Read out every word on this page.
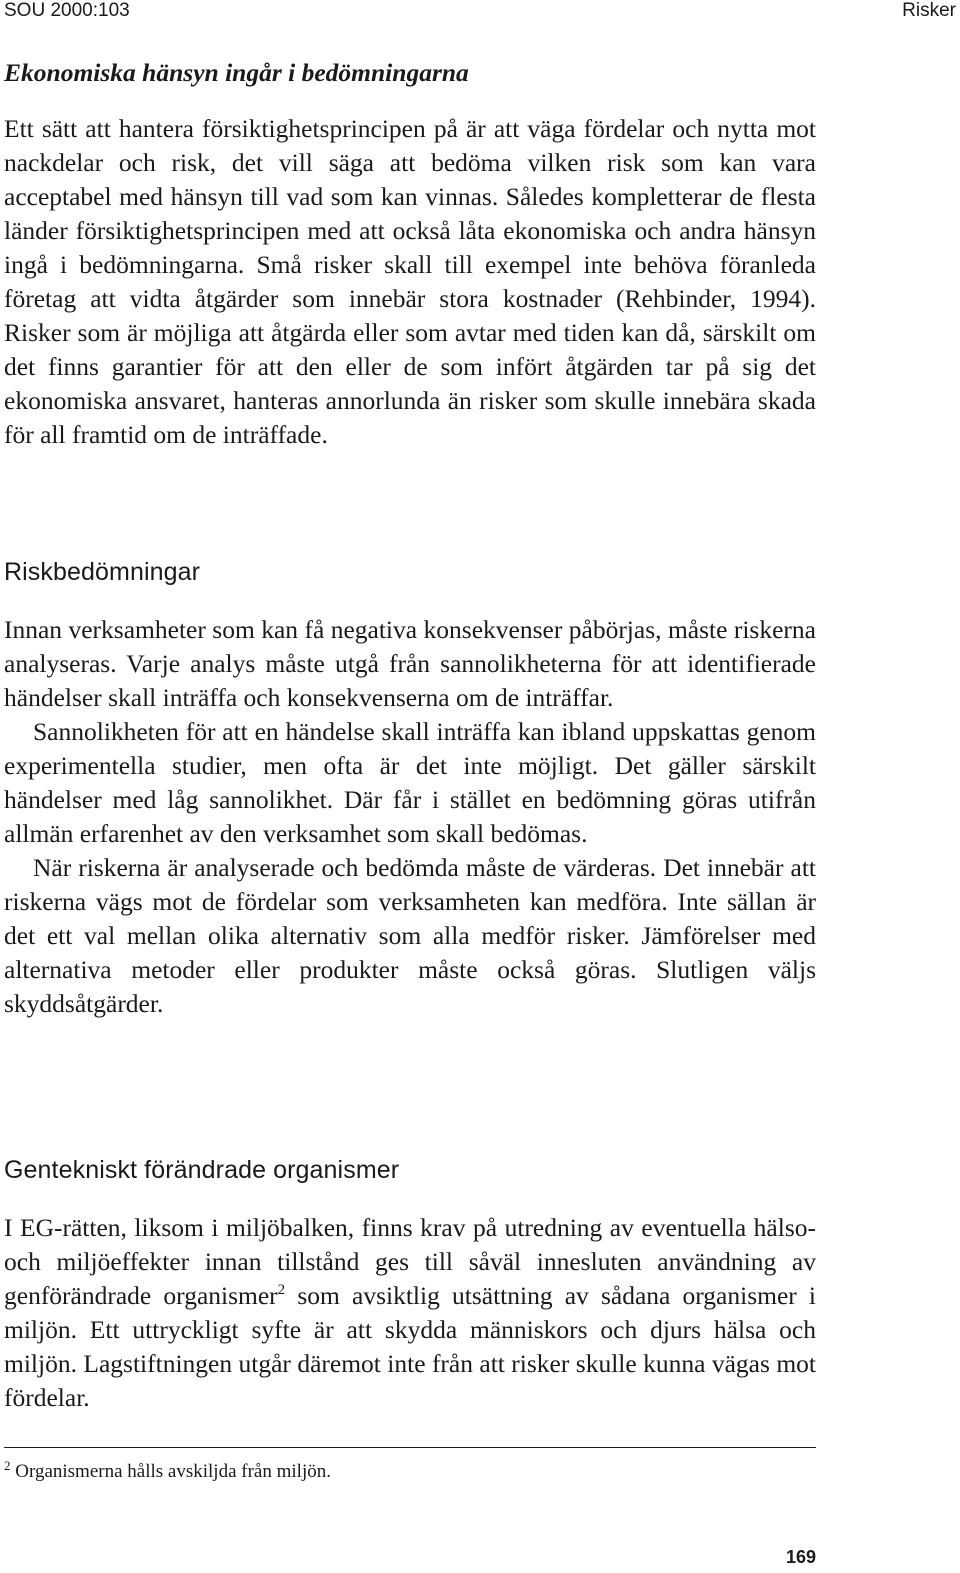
SOU 2000:103	Risker
Ekonomiska hänsyn ingår i bedömningarna

Ett sätt att hantera försiktighetsprincipen på är att väga fördelar och nytta mot nackdelar och risk, det vill säga att bedöma vilken risk som kan vara acceptabel med hänsyn till vad som kan vinnas. Således kompletterar de flesta länder försiktighetsprincipen med att också låta ekonomiska och andra hänsyn ingå i bedömningarna. Små risker skall till exempel inte behöva föranleda företag att vidta åtgärder som innebär stora kostnader (Rehbinder, 1994). Risker som är möjliga att åtgärda eller som avtar med tiden kan då, särskilt om det finns garantier för att den eller de som infört åtgärden tar på sig det ekonomiska ansvaret, hanteras annorlunda än risker som skulle innebära skada för all framtid om de inträffade.

Riskbedömningar

Innan verksamheter som kan få negativa konsekvenser påbörjas, måste riskerna analyseras. Varje analys måste utgå från sannolikheterna för att identifierade händelser skall inträffa och konsekvenserna om de inträffar.

Sannolikheten för att en händelse skall inträffa kan ibland uppskattas genom experimentella studier, men ofta är det inte möjligt. Det gäller särskilt händelser med låg sannolikhet. Där får i stället en bedömning göras utifrån allmän erfarenhet av den verksamhet som skall bedömas.

När riskerna är analyserade och bedömda måste de värderas. Det innebär att riskerna vägs mot de fördelar som verksamheten kan medföra. Inte sällan är det ett val mellan olika alternativ som alla medför risker. Jämförelser med alternativa metoder eller produkter måste också göras. Slutligen väljs skyddsåtgärder.

Gentekniskt förändrade organismer

I EG-rätten, liksom i miljöbalken, finns krav på utredning av eventuella hälso- och miljöeffekter innan tillstånd ges till såväl innesluten användning av genförändrade organismer$^2$ som avsiktlig utsättning av sådana organismer i miljön. Ett uttryckligt syfte är att skydda människors och djurs hälsa och miljön. Lagstiftningen utgår däremot inte från att risker skulle kunna vägas mot fördelar.

$^2$ Organismerna hålls avskiljda från miljön.
169
